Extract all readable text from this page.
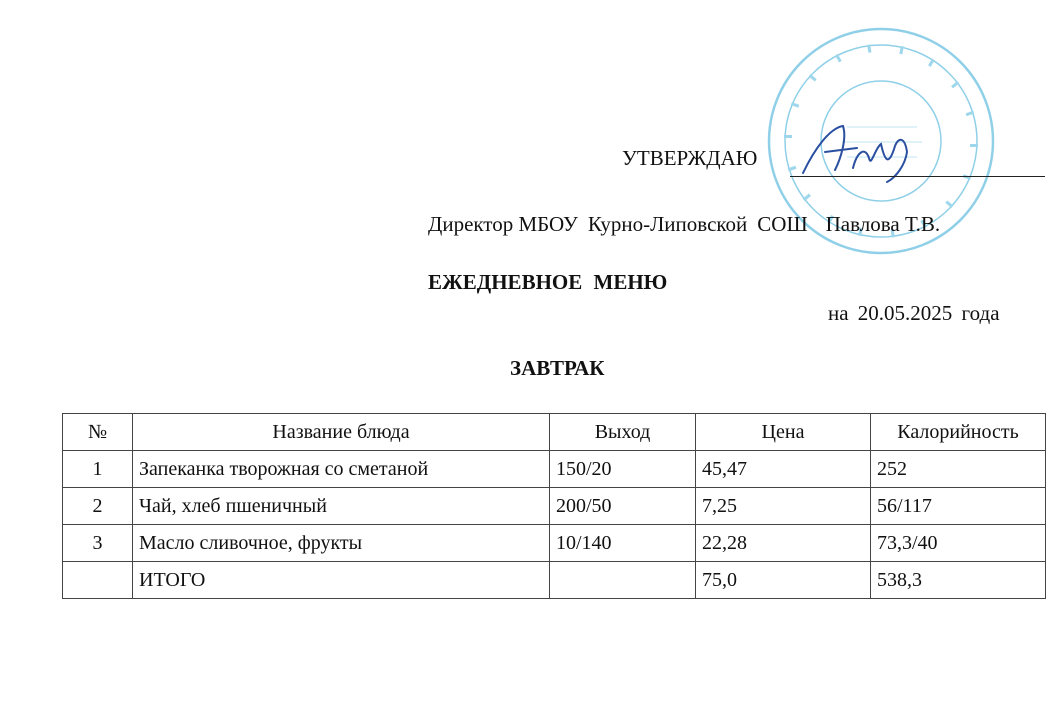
УТВЕРЖДАЮ
Директор МБОУ Курно-Липовской СОШ Павлова Т.В.
ЕЖЕДНЕВНОЕ МЕНЮ
на 20.05.2025 года
ЗАВТРАК
№	Название блюда	Выход	Цена	Калорийность
1	Запеканка творожная со сметаной	150/20	45,47	252
2	Чай, хлеб пшеничный	200/50	7,25	56/117
3	Масло сливочное, фрукты	10/140	22,28	73,3/40
	ИТОГО		75,0	538,3
